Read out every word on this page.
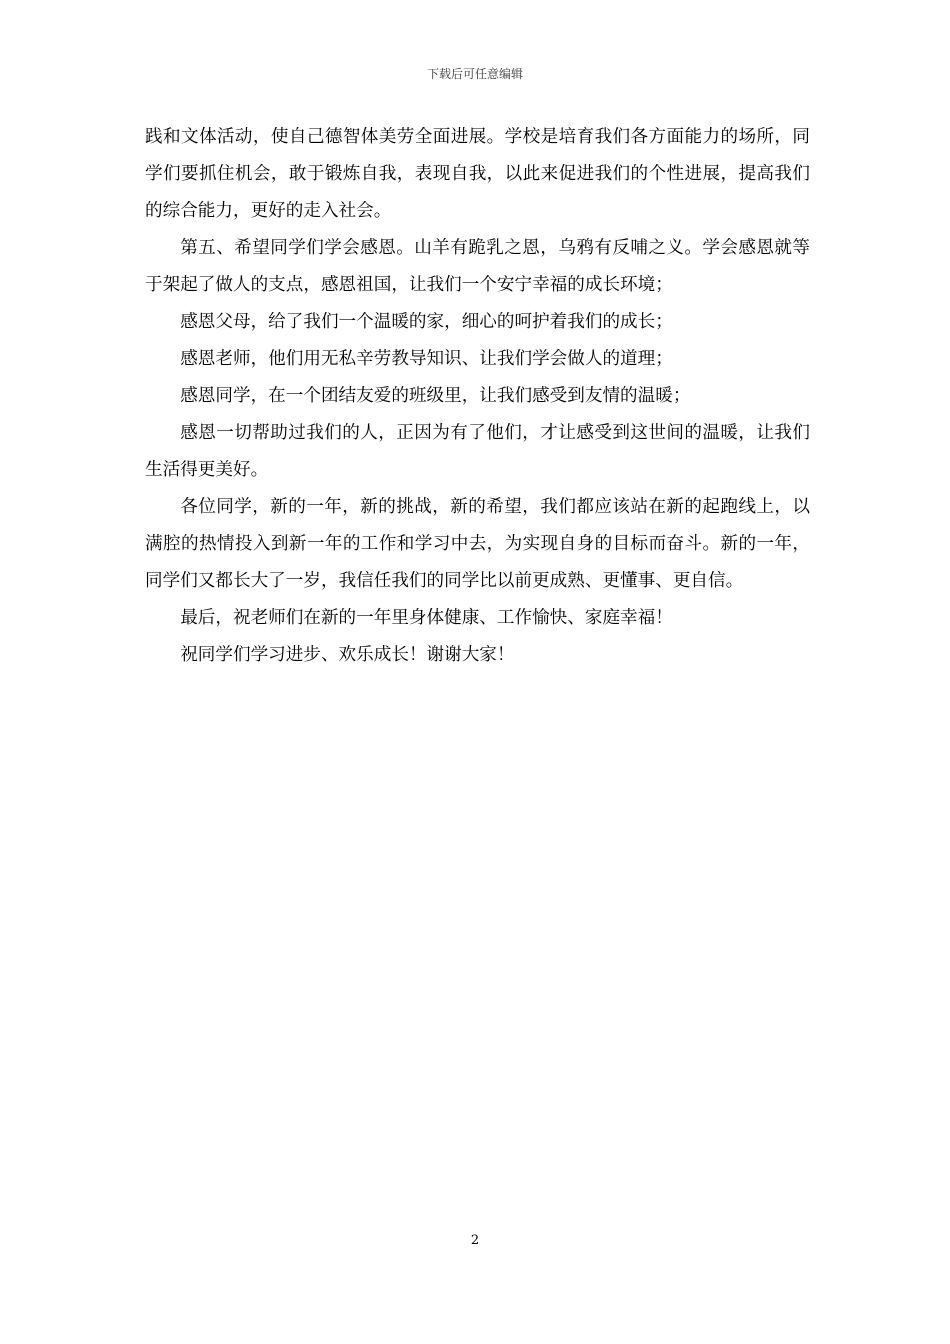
下载后可任意编辑

践和文体活动，使自己德智体美劳全面进展。学校是培育我们各方面能力的场所，同学们要抓住机会，敢于锻炼自我，表现自我，以此来促进我们的个性进展，提高我们的综合能力，更好的走入社会。

第五、希望同学们学会感恩。山羊有跪乳之恩，乌鸦有反哺之义。学会感恩就等于架起了做人的支点，感恩祖国，让我们一个安宁幸福的成长环境；

感恩父母，给了我们一个温暖的家，细心的呵护着我们的成长；

感恩老师，他们用无私辛劳教导知识、让我们学会做人的道理；

感恩同学，在一个团结友爱的班级里，让我们感受到友情的温暖；

感恩一切帮助过我们的人，正因为有了他们，才让感受到这世间的温暖，让我们生活得更美好。

各位同学，新的一年，新的挑战，新的希望，我们都应该站在新的起跑线上，以满腔的热情投入到新一年的工作和学习中去，为实现自身的目标而奋斗。新的一年，同学们又都长大了一岁，我信任我们的同学比以前更成熟、更懂事、更自信。

最后，祝老师们在新的一年里身体健康、工作愉快、家庭幸福！

祝同学们学习进步、欢乐成长！谢谢大家！

2
